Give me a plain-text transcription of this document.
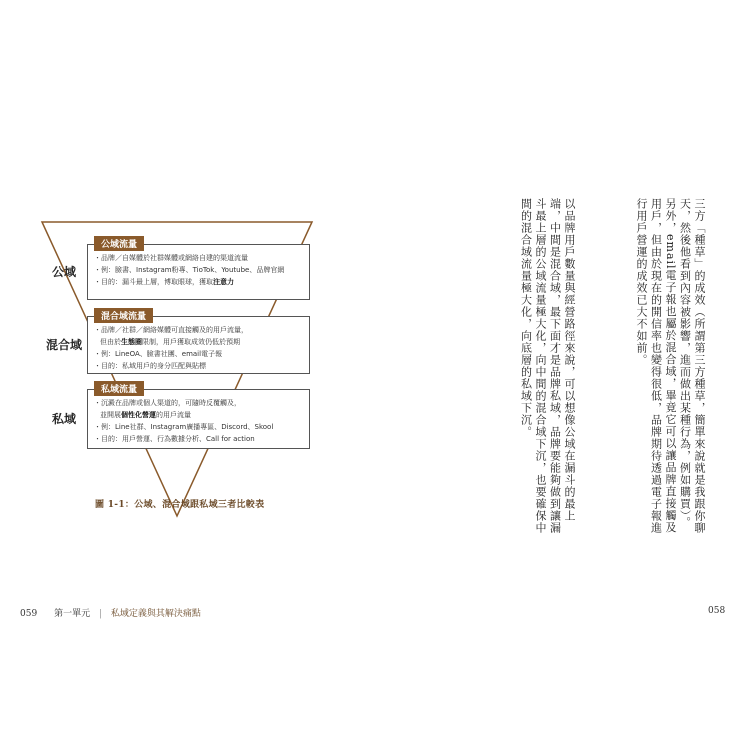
公域
公域流量
・品牌／自媒體於社群媒體或網絡自建的渠道流量
・例：臉書、Instagram粉專、TioTok、Youtube、品牌官網
・目的：漏斗最上層，博取眼球，獲取注意力
混合域
混合域流量
・品牌／社群／網絡媒體可直接觸及的用戶流量，
但由於生態圈限制，用戶獲取成效仍低於預期
・例：LineOA、臉書社團、email電子報
・目的：私域用戶的身分匹配與貼標
私域
私域流量
・沉澱在品牌或個人渠道的，可隨時反覆觸及，
並開展個性化營運的用戶流量
・例：Line社群、Instagram廣播專區、Discord、Skool
・目的：用戶營運、行為數據分析、Call for action
圖 1-1：公域、混合域跟私域三者比較表	三方「種草」的成效（所謂第三方種草，簡單來說就是我跟你聊天，然後他看到內容被影響，進而做出某種行為，例如購買）。另外，email電子報也屬於混合域，畢竟它可以讓品牌直接觸及用戶，但由於現在的開信率也變得很低，品牌期待透過電子報進行用戶營運的成效已大不如前。
以品牌用戶數量與經營路徑來說，可以想像公域在漏斗的最上端，中間是混合域，最下面才是品牌私域，品牌要能夠做到讓漏斗最上層的公域流量極大化，向中間的混合域下沉，也要確保中間的混合域流量極大化，向底層的私域下沉。
059 第一單元 | 私域定義與其解決痛點	058
